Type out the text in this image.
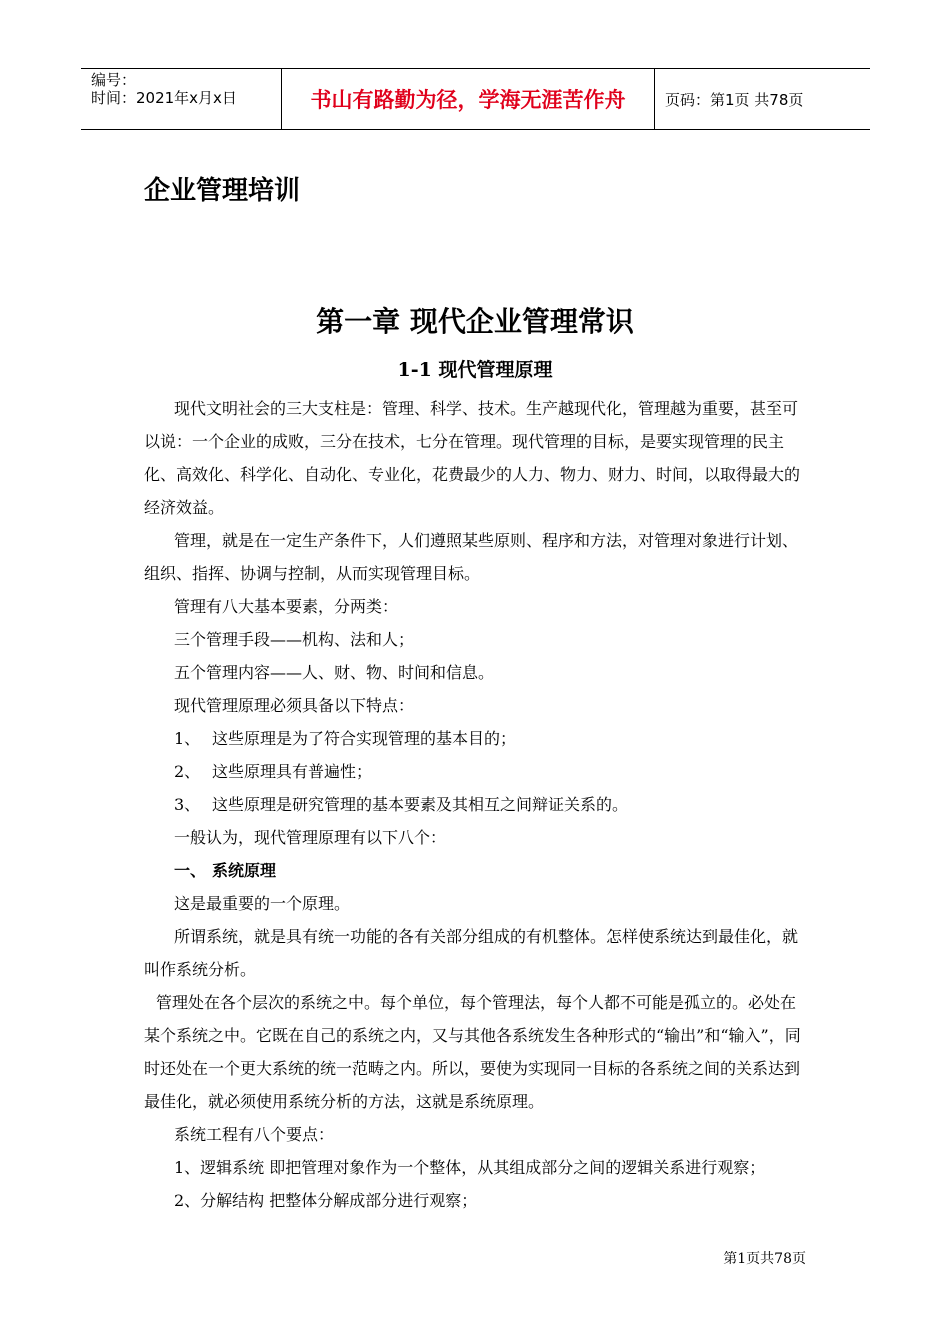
编号：
时间：2021年x月x日	书山有路勤为径，学海无涯苦作舟	页码：第1页 共78页
企业管理培训
第一章 现代企业管理常识
1-1 现代管理原理

现代文明社会的三大支柱是：管理、科学、技术。生产越现代化，管理越为重要，甚至可以说：一个企业的成败，三分在技术，七分在管理。现代管理的目标，是要实现管理的民主化、高效化、科学化、自动化、专业化，花费最少的人力、物力、财力、时间，以取得最大的经济效益。

管理，就是在一定生产条件下，人们遵照某些原则、程序和方法，对管理对象进行计划、组织、指挥、协调与控制，从而实现管理目标。

管理有八大基本要素，分两类：

三个管理手段——机构、法和人；

五个管理内容——人、财、物、时间和信息。

现代管理原理必须具备以下特点：

1、 这些原理是为了符合实现管理的基本目的；

2、 这些原理具有普遍性；

3、 这些原理是研究管理的基本要素及其相互之间辩证关系的。

一般认为，现代管理原理有以下八个：

一、 系统原理

这是最重要的一个原理。

所谓系统，就是具有统一功能的各有关部分组成的有机整体。怎样使系统达到最佳化，就叫作系统分析。

管理处在各个层次的系统之中。每个单位，每个管理法，每个人都不可能是孤立的。必处在某个系统之中。它既在自己的系统之内，又与其他各系统发生各种形式的“输出”和“输入”，同时还处在一个更大系统的统一范畴之内。所以，要使为实现同一目标的各系统之间的关系达到最佳化，就必须使用系统分析的方法，这就是系统原理。

系统工程有八个要点：

1、逻辑系统 即把管理对象作为一个整体，从其组成部分之间的逻辑关系进行观察；

2、分解结构 把整体分解成部分进行观察；

第1页共78页
